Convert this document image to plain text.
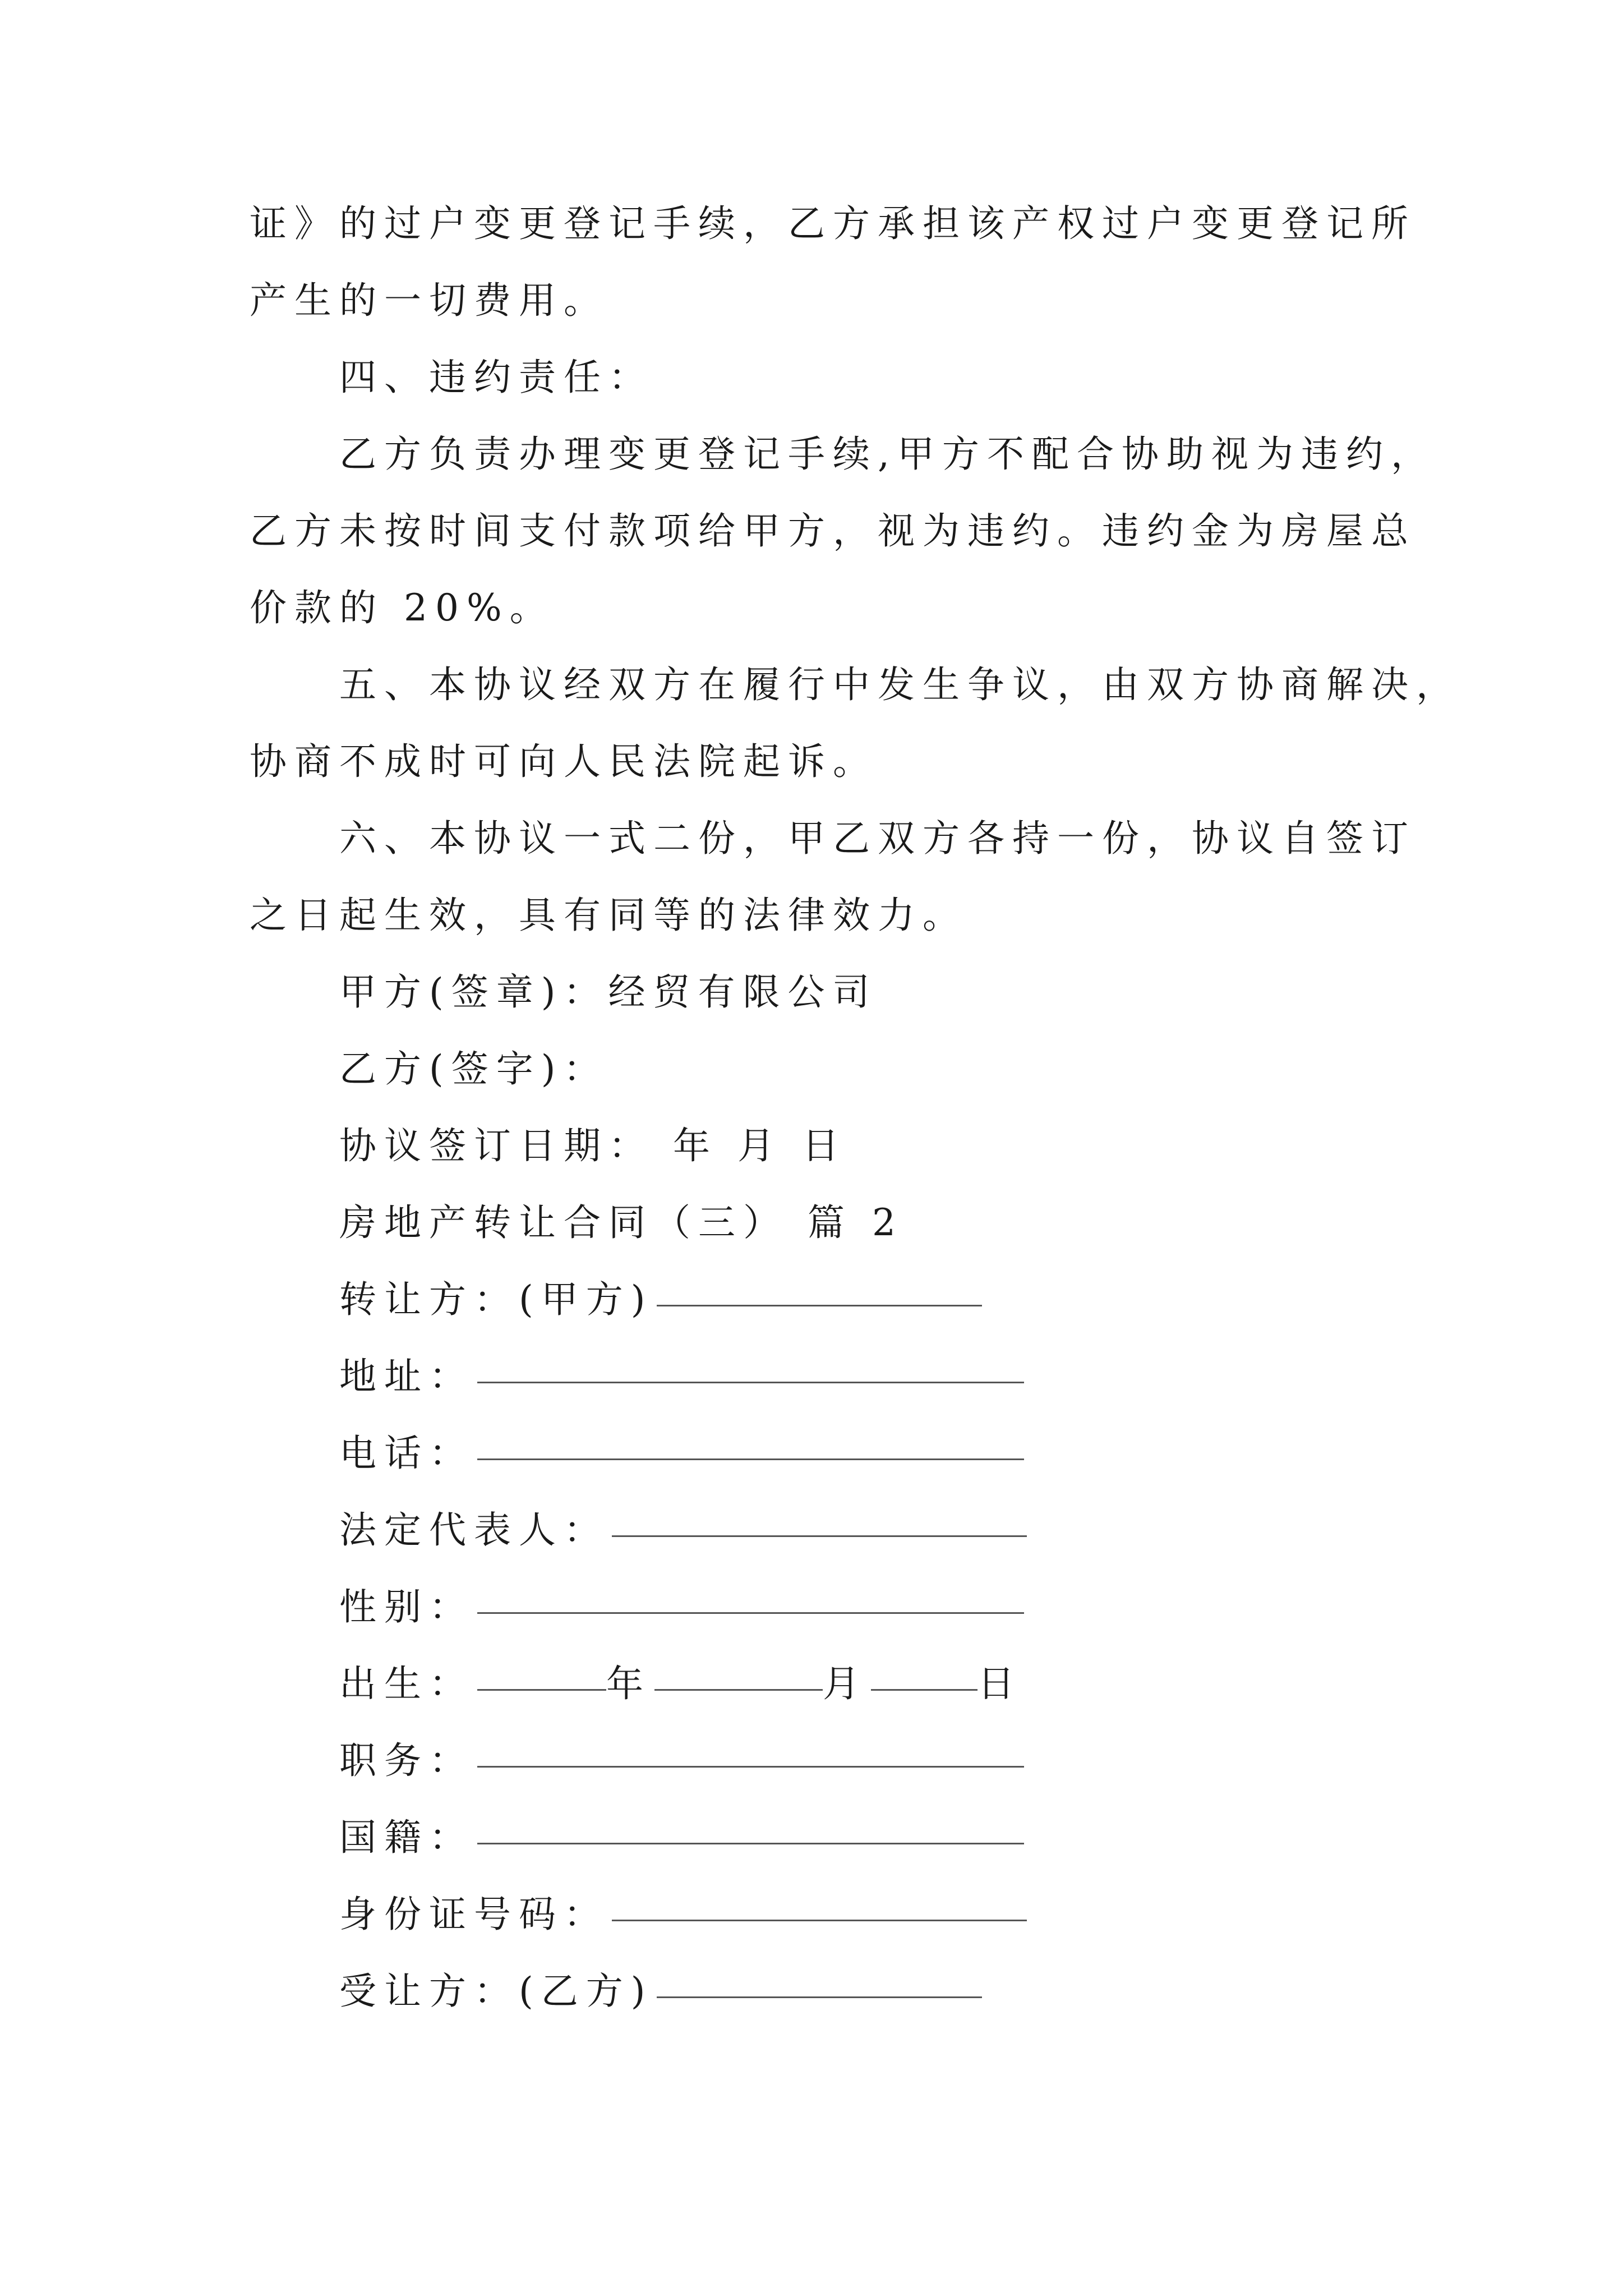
证》的过户变更登记手续，乙方承担该产权过户变更登记所
产生的一切费用。
四、违约责任：
乙方负责办理变更登记手续,甲方不配合协助视为违约，
乙方未按时间支付款项给甲方，视为违约。违约金为房屋总
价款的 20%。
五、本协议经双方在履行中发生争议，由双方协商解决，
协商不成时可向人民法院起诉。
六、本协议一式二份，甲乙双方各持一份，协议自签订
之日起生效，具有同等的法律效力。
甲方(签章)：经贸有限公司
乙方(签字)：
协议签订日期： 年 月 日
房地产转让合同（三） 篇 2
转让方：(甲方)
地址：
电话：
法定代表人：
性别：
出生：	年	月	日
职务：
国籍：
身份证号码：
受让方：(乙方)
